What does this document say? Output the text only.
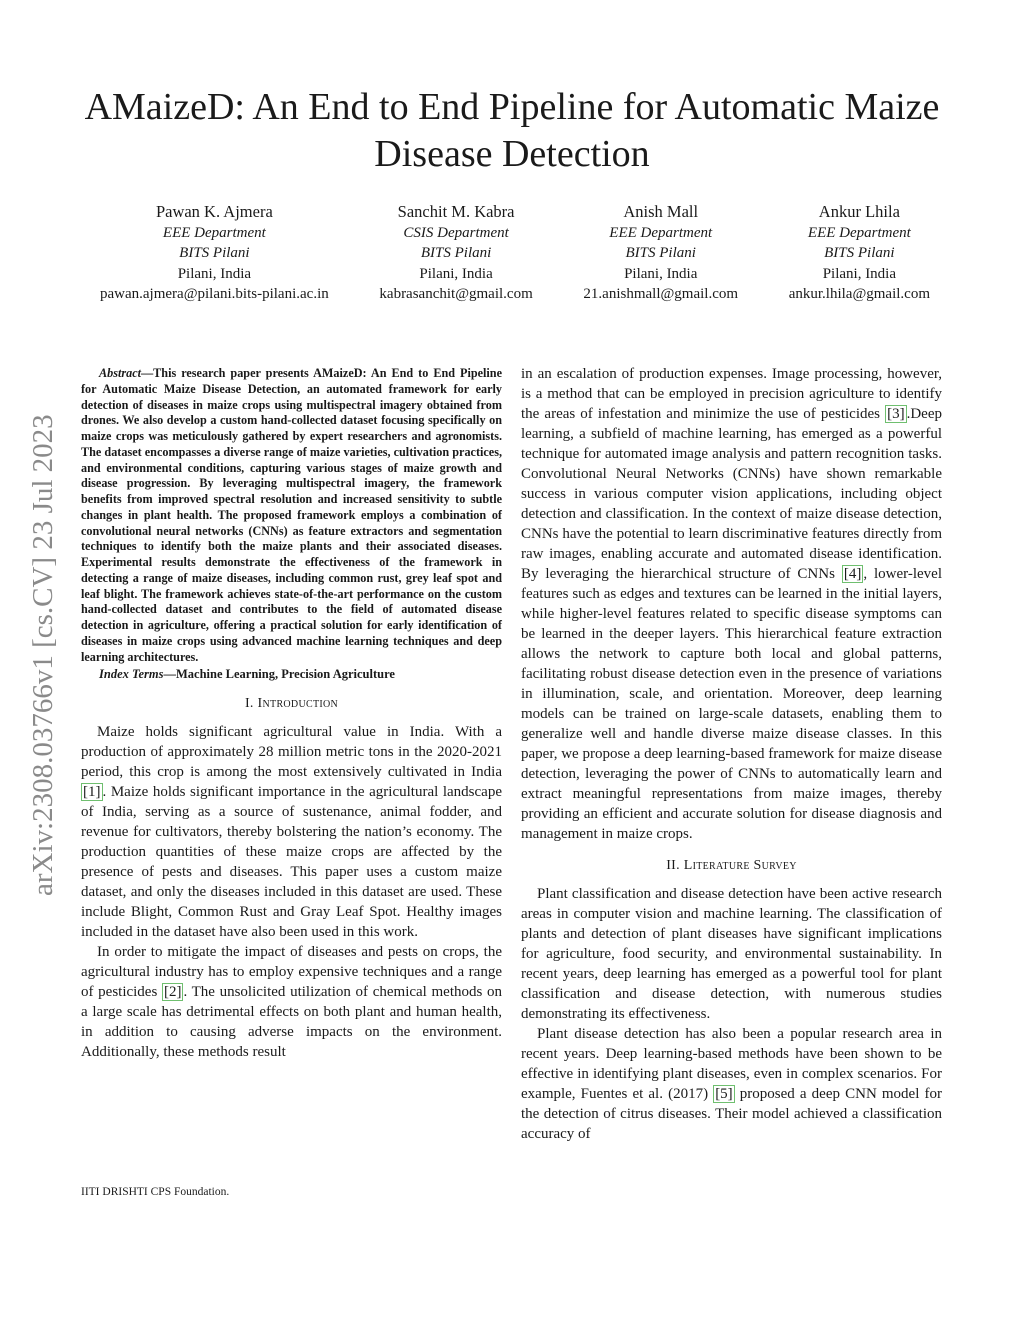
AMaizeD: An End to End Pipeline for Automatic Maize Disease Detection
Pawan K. Ajmera
EEE Department
BITS Pilani
Pilani, India
pawan.ajmera@pilani.bits-pilani.ac.in
Sanchit M. Kabra
CSIS Department
BITS Pilani
Pilani, India
kabrasanchit@gmail.com
Anish Mall
EEE Department
BITS Pilani
Pilani, India
21.anishmall@gmail.com
Ankur Lhila
EEE Department
BITS Pilani
Pilani, India
ankur.lhila@gmail.com
arXiv:2308.03766v1 [cs.CV] 23 Jul 2023

Abstract—This research paper presents AMaizeD: An End to End Pipeline for Automatic Maize Disease Detection, an automated framework for early detection of diseases in maize crops using multispectral imagery obtained from drones. We also develop a custom hand-collected dataset focusing specifically on maize crops was meticulously gathered by expert researchers and agronomists. The dataset encompasses a diverse range of maize varieties, cultivation practices, and environmental conditions, capturing various stages of maize growth and disease progression. By leveraging multispectral imagery, the framework benefits from improved spectral resolution and increased sensitivity to subtle changes in plant health. The proposed framework employs a combination of convolutional neural networks (CNNs) as feature extractors and segmentation techniques to identify both the maize plants and their associated diseases. Experimental results demonstrate the effectiveness of the framework in detecting a range of maize diseases, including common rust, grey leaf spot and leaf blight. The framework achieves state-of-the-art performance on the custom hand-collected dataset and contributes to the field of automated disease detection in agriculture, offering a practical solution for early identification of diseases in maize crops using advanced machine learning techniques and deep learning architectures.

Index Terms—Machine Learning, Precision Agriculture

I. Introduction

Maize holds significant agricultural value in India. With a production of approximately 28 million metric tons in the 2020-2021 period, this crop is among the most extensively cultivated in India [1] . Maize holds significant importance in the agricultural landscape of India, serving as a source of sustenance, animal fodder, and revenue for cultivators, thereby bolstering the nation’s economy. The production quantities of these maize crops are affected by the presence of pests and diseases. This paper uses a custom maize dataset, and only the diseases included in this dataset are used. These include Blight, Common Rust and Gray Leaf Spot. Healthy images included in the dataset have also been used in this work.

In order to mitigate the impact of diseases and pests on crops, the agricultural industry has to employ expensive techniques and a range of pesticides [2] . The unsolicited utilization of chemical methods on a large scale has detrimental effects on both plant and human health, in addition to causing adverse impacts on the environment. Additionally, these methods result

IITI DRISHTI CPS Foundation.

in an escalation of production expenses. Image processing, however, is a method that can be employed in precision agriculture to identify the areas of infestation and minimize the use of pesticides [3] .Deep learning, a subfield of machine learning, has emerged as a powerful technique for automated image analysis and pattern recognition tasks. Convolutional Neural Networks (CNNs) have shown remarkable success in various computer vision applications, including object detection and classification. In the context of maize disease detection, CNNs have the potential to learn discriminative features directly from raw images, enabling accurate and automated disease identification. By leveraging the hierarchical structure of CNNs [4] , lower-level features such as edges and textures can be learned in the initial layers, while higher-level features related to specific disease symptoms can be learned in the deeper layers. This hierarchical feature extraction allows the network to capture both local and global patterns, facilitating robust disease detection even in the presence of variations in illumination, scale, and orientation. Moreover, deep learning models can be trained on large-scale datasets, enabling them to generalize well and handle diverse maize disease classes. In this paper, we propose a deep learning-based framework for maize disease detection, leveraging the power of CNNs to automatically learn and extract meaningful representations from maize images, thereby providing an efficient and accurate solution for disease diagnosis and management in maize crops.

II. Literature Survey

Plant classification and disease detection have been active research areas in computer vision and machine learning. The classification of plants and detection of plant diseases have significant implications for agriculture, food security, and environmental sustainability. In recent years, deep learning has emerged as a powerful tool for plant classification and disease detection, with numerous studies demonstrating its effectiveness.

Plant disease detection has also been a popular research area in recent years. Deep learning-based methods have been shown to be effective in identifying plant diseases, even in complex scenarios. For example, Fuentes et al. (2017) [5] proposed a deep CNN model for the detection of citrus diseases. Their model achieved a classification accuracy of
